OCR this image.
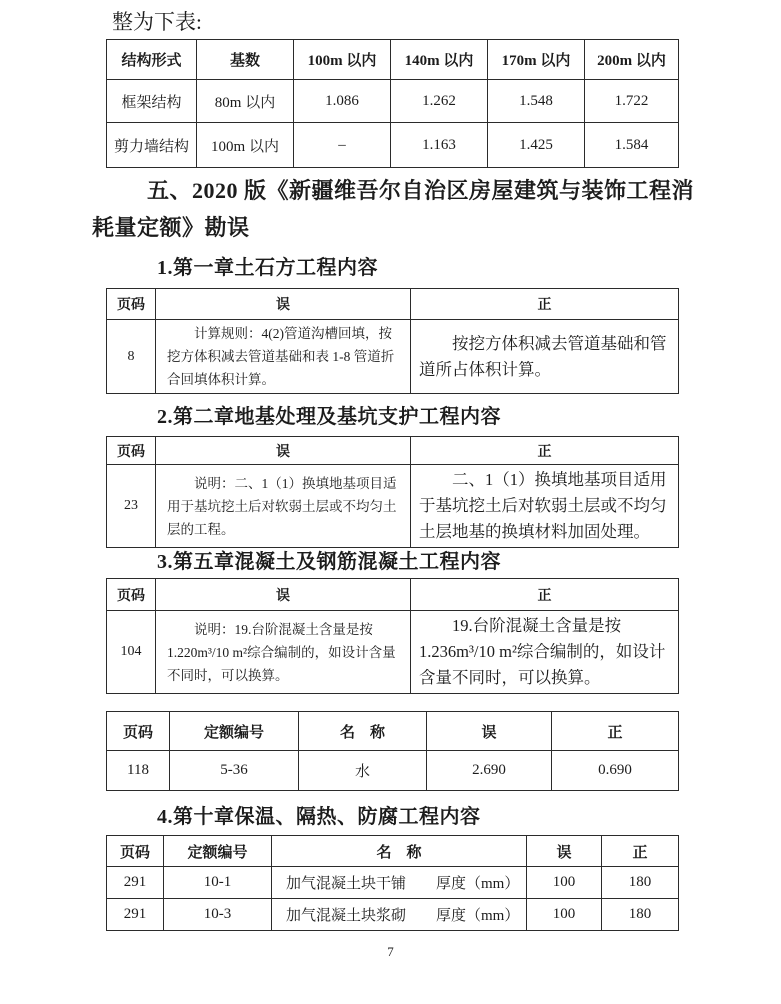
整为下表:
结构形式	基数	100m 以内	140m 以内	170m 以内	200m 以内
框架结构	80m 以内	1.086	1.262	1.548	1.722
剪力墙结构	100m 以内	–	1.163	1.425	1.584
五、2020 版《新疆维吾尔自治区房屋建筑与装饰工程消
耗量定额》勘误
1.第一章土石方工程内容
页码	误	正
8	计算规则：4(2)管道沟槽回填，按挖方体积减去管道基础和表 1-8 管道折合回填体积计算。	按挖方体积减去管道基础和管道所占体积计算。
2.第二章地基处理及基坑支护工程内容
页码	误	正
23	说明：二、1（1）换填地基项目适用于基坑挖土后对软弱土层或不均匀土层的工程。	二、1（1）换填地基项目适用于基坑挖土后对软弱土层或不均匀土层地基的换填材料加固处理。
3.第五章混凝土及钢筋混凝土工程内容
页码	误	正
104	说明：19.台阶混凝土含量是按 1.220m³/10 m²综合编制的，如设计含量不同时，可以换算。	19.台阶混凝土含量是按 1.236m³/10 m²综合编制的，如设计含量不同时，可以换算。
页码	定额编号	名　称	误	正
118	5-36	水	2.690	0.690
4.第十章保温、隔热、防腐工程内容
页码	定额编号	名　称	误	正
291	10-1	加气混凝土块干铺　　厚度（mm）	100	180
291	10-3	加气混凝土块浆砌　　厚度（mm）	100	180
7
